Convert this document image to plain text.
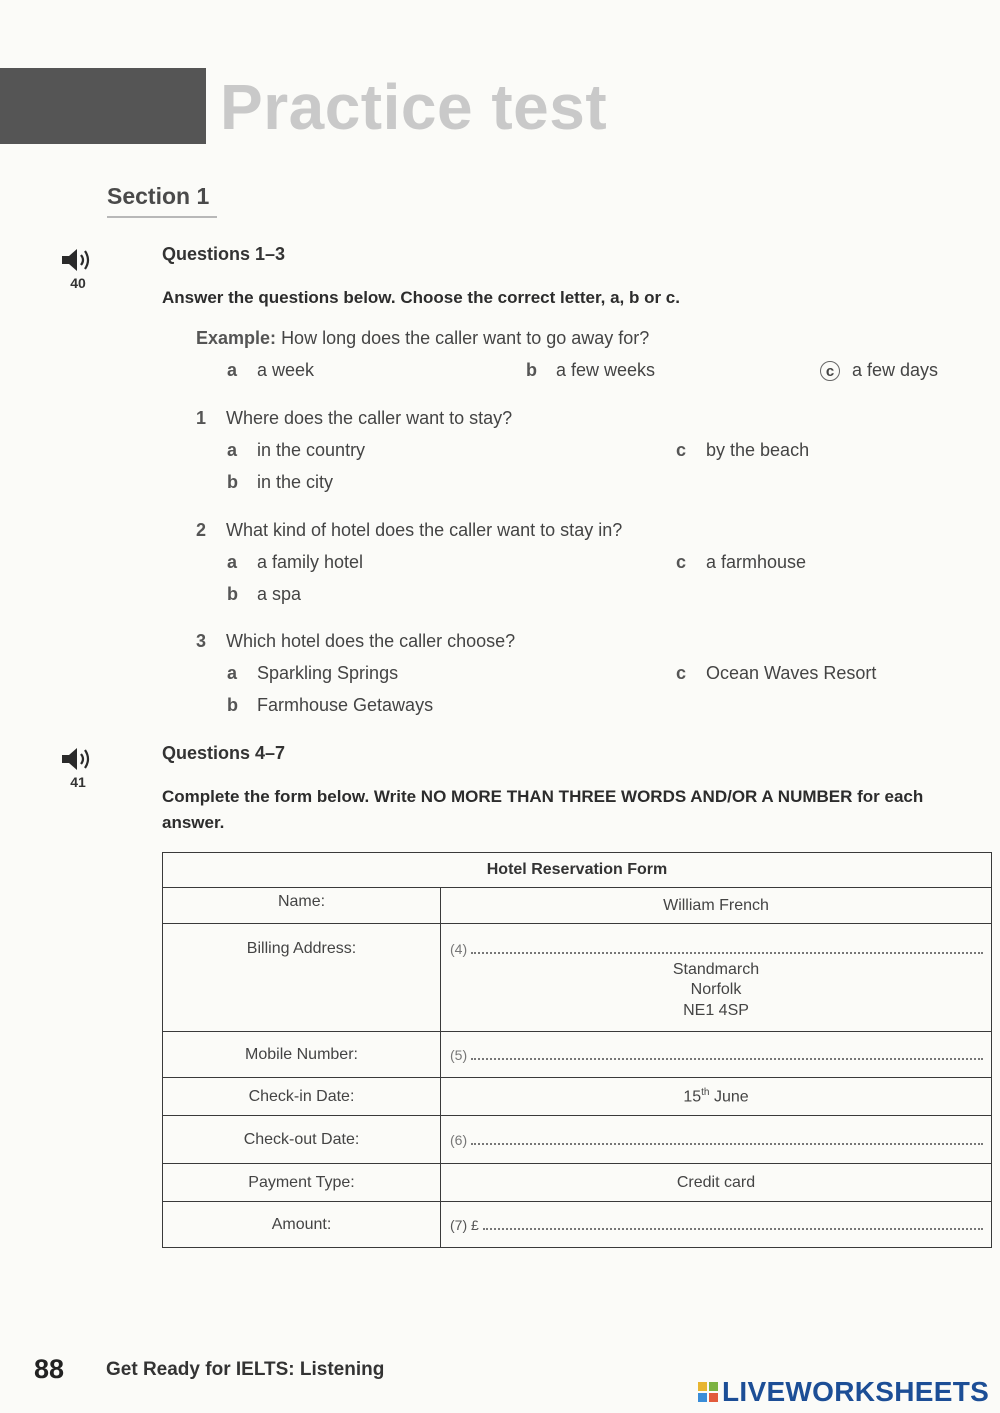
Practice test
Section 1
40
Questions 1–3
Answer the questions below. Choose the correct letter, a, b or c.
Example: How long does the caller want to go away for?
a a week	b a few weeks	c a few days
1 Where does the caller want to stay?
a in the country	c by the beach
b in the city
2 What kind of hotel does the caller want to stay in?
a a family hotel	c a farmhouse
b a spa
3 Which hotel does the caller choose?
a Sparkling Springs	c Ocean Waves Resort
b Farmhouse Getaways
41
Questions 4–7
Complete the form below. Write NO MORE THAN THREE WORDS AND/OR A NUMBER for each answer.
Hotel Reservation Form	
Name:	William French
Billing Address:	(4)
Standmarch
Norfolk
NE1 4SP

Mobile Number:	(5)

Check-in Date:	15th June
Check-out Date:	(6)

Payment Type:	Credit card
Amount:	(7) £
88 Get Ready for IELTS: Listening
LIVEWORKSHEETS
